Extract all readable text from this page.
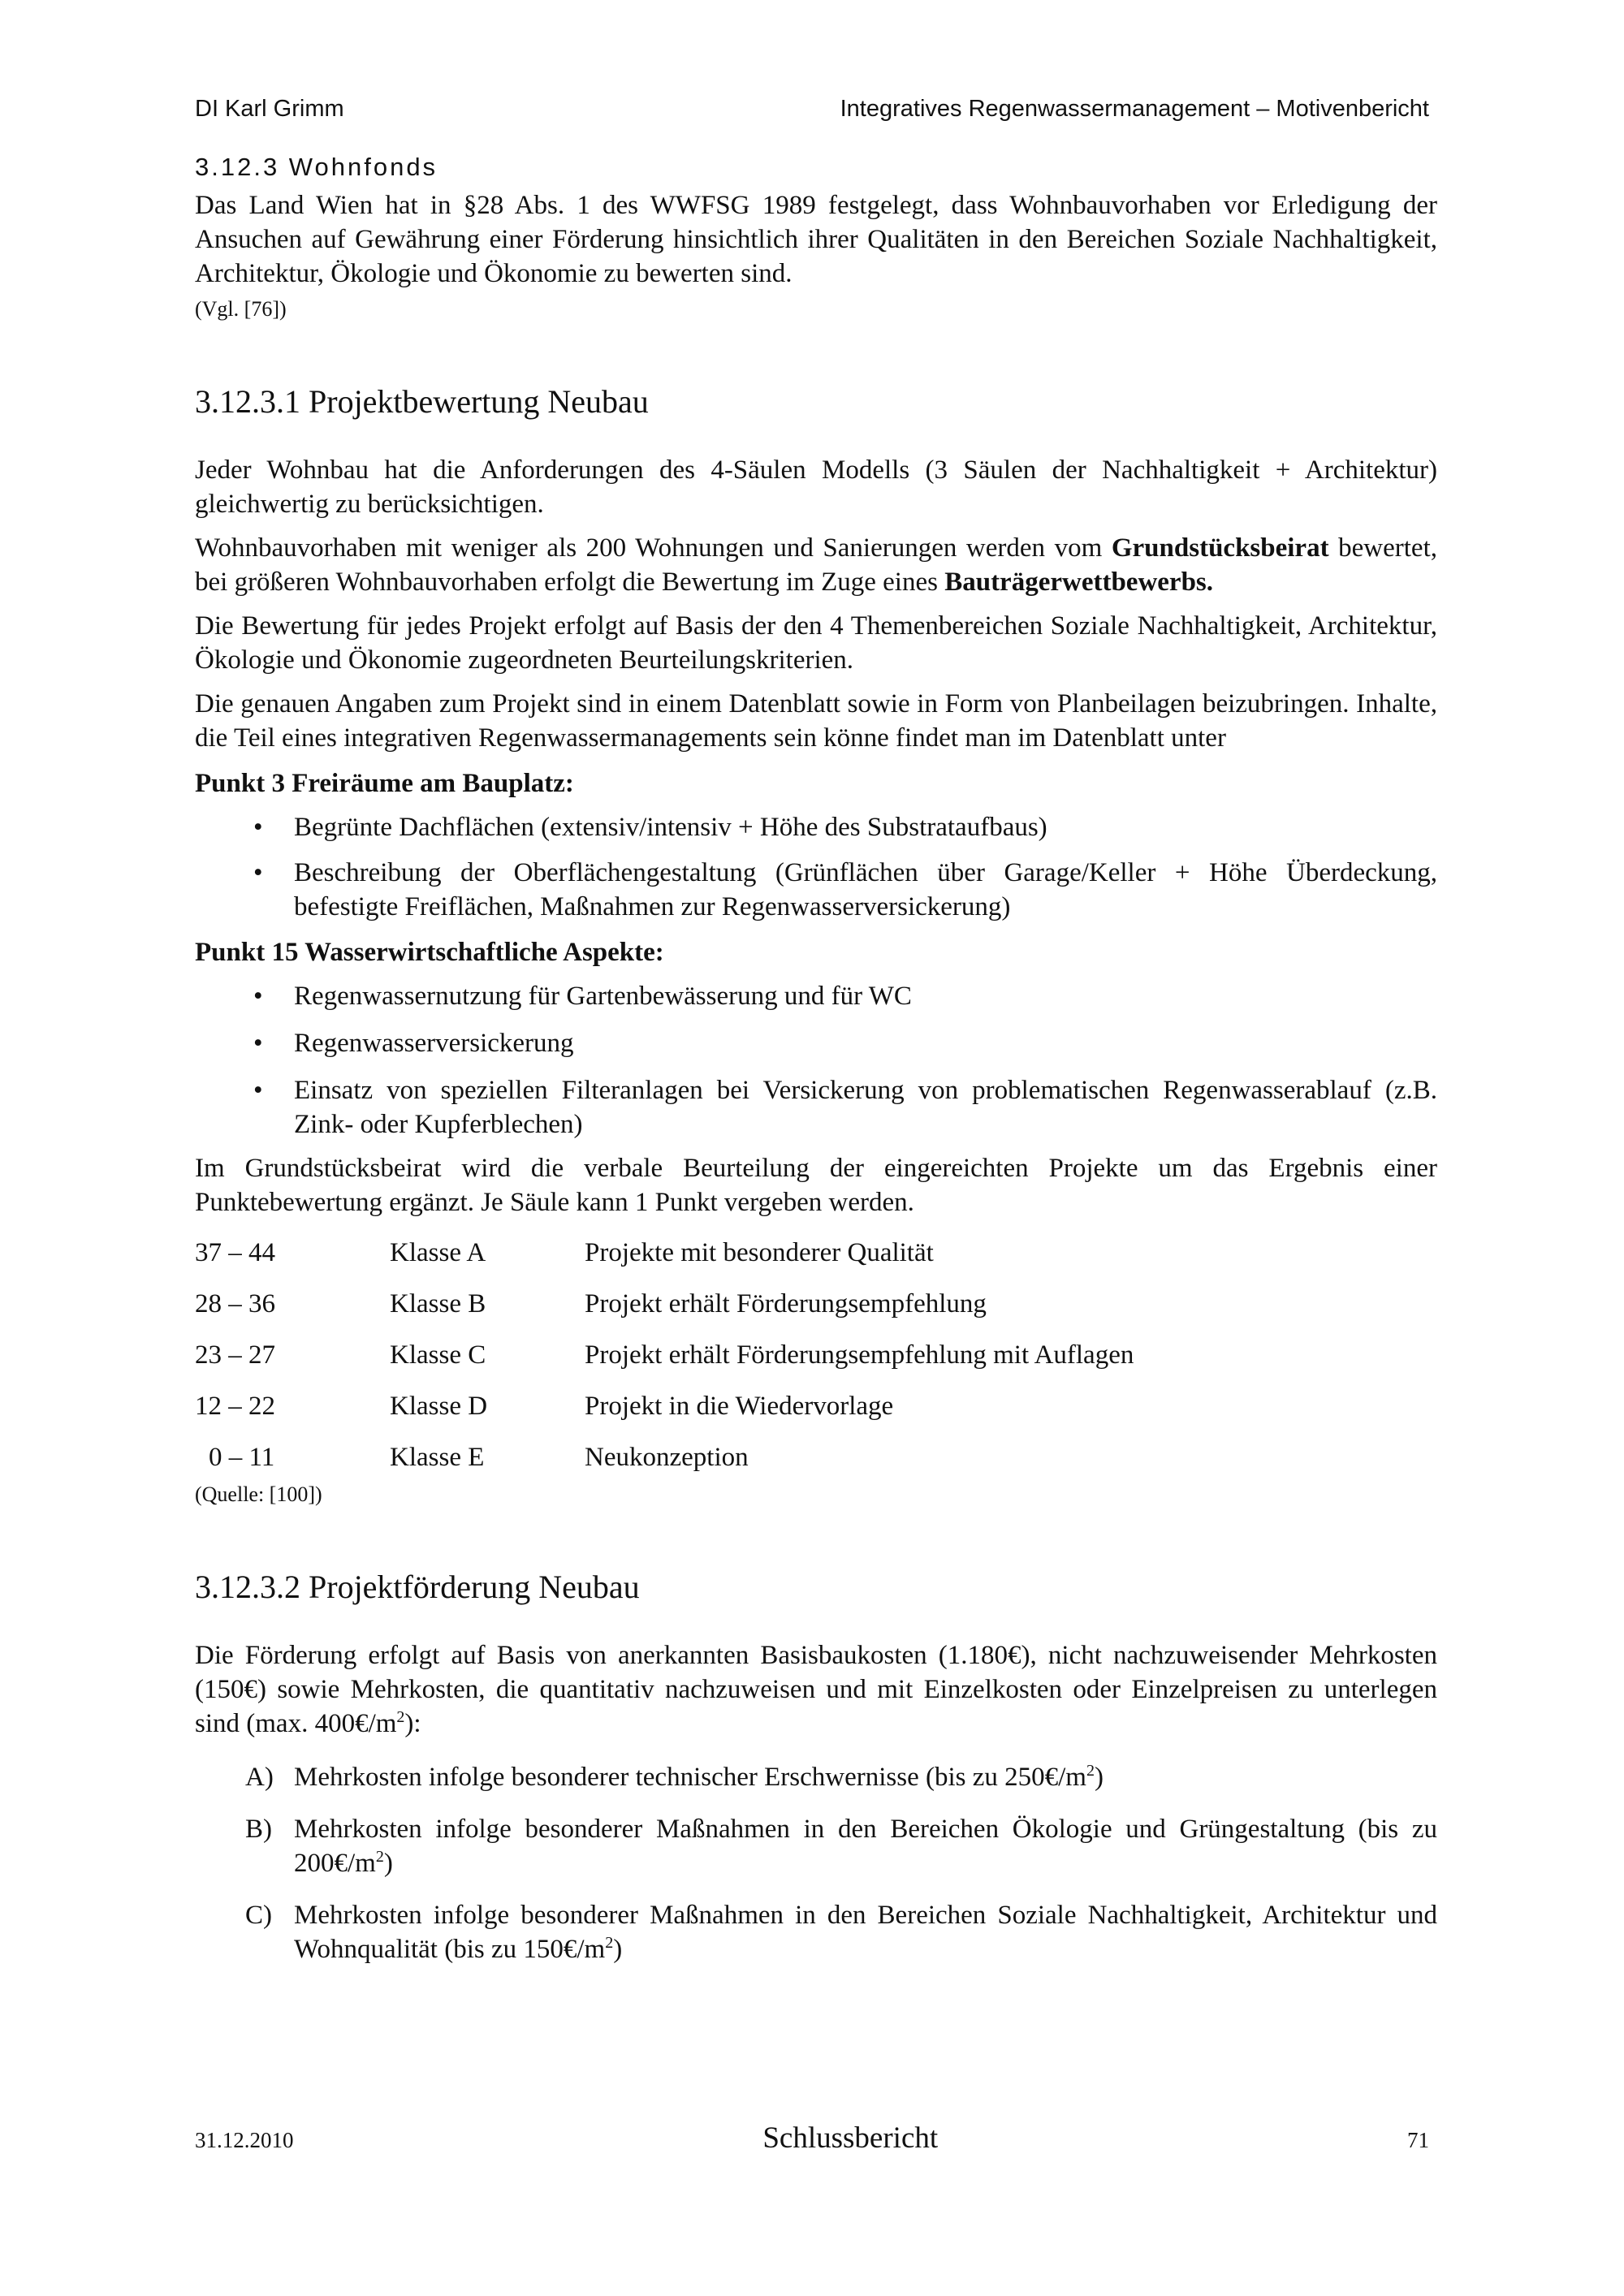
DI Karl Grimm	Integratives Regenwassermanagement – Motivenbericht
3.12.3 Wohnfonds

Das Land Wien hat in §28 Abs. 1 des WWFSG 1989 festgelegt, dass Wohnbauvorhaben vor Erledigung der Ansuchen auf Gewährung einer Förderung hinsichtlich ihrer Qualitäten in den Bereichen Soziale Nachhaltigkeit, Architektur, Ökologie und Ökonomie zu bewerten sind.

(Vgl. [76])

3.12.3.1 Projektbewertung Neubau

Jeder Wohnbau hat die Anforderungen des 4-Säulen Modells (3 Säulen der Nachhaltigkeit + Architektur) gleichwertig zu berücksichtigen.

Wohnbauvorhaben mit weniger als 200 Wohnungen und Sanierungen werden vom Grundstücksbeirat bewertet, bei größeren Wohnbauvorhaben erfolgt die Bewertung im Zuge eines Bauträgerwettbewerbs.

Die Bewertung für jedes Projekt erfolgt auf Basis der den 4 Themenbereichen Soziale Nachhaltigkeit, Architektur, Ökologie und Ökonomie zugeordneten Beurteilungskriterien.

Die genauen Angaben zum Projekt sind in einem Datenblatt sowie in Form von Planbeilagen beizubringen. Inhalte, die Teil eines integrativen Regenwassermanagements sein könne findet man im Datenblatt unter

Punkt 3 Freiräume am Bauplatz:

• Begrünte Dachflächen (extensiv/intensiv + Höhe des Substrataufbaus)
• Beschreibung der Oberflächengestaltung (Grünflächen über Garage/Keller + Höhe Überdeckung, befestigte Freiflächen, Maßnahmen zur Regenwasserversickerung)

Punkt 15 Wasserwirtschaftliche Aspekte:

• Regenwassernutzung für Gartenbewässerung und für WC
• Regenwasserversickerung
• Einsatz von speziellen Filteranlagen bei Versickerung von problematischen Regenwasserablauf (z.B. Zink- oder Kupferblechen)

Im Grundstücksbeirat wird die verbale Beurteilung der eingereichten Projekte um das Ergebnis einer Punktebewertung ergänzt. Je Säule kann 1 Punkt vergeben werden.

37 – 44	Klasse A	Projekte mit besonderer Qualität
28 – 36	Klasse B	Projekt erhält Förderungsempfehlung
23 – 27	Klasse C	Projekt erhält Förderungsempfehlung mit Auflagen
12 – 22	Klasse D	Projekt in die Wiedervorlage
0 – 11	Klasse E	Neukonzeption

(Quelle: [100])

3.12.3.2 Projektförderung Neubau

Die Förderung erfolgt auf Basis von anerkannten Basisbaukosten (1.180€), nicht nachzuweisender Mehrkosten (150€) sowie Mehrkosten, die quantitativ nachzuweisen und mit Einzelkosten oder Einzelpreisen zu unterlegen sind (max. $400€/m^2$):

A) Mehrkosten infolge besonderer technischer Erschwernisse (bis zu $250€/m^2$)
B) Mehrkosten infolge besonderer Maßnahmen in den Bereichen Ökologie und Grüngestaltung (bis zu $200€/m^2$)
C) Mehrkosten infolge besonderer Maßnahmen in den Bereichen Soziale Nachhaltigkeit, Architektur und Wohnqualität (bis zu $150€/m^2$)
31.12.2010	Schlussbericht	71
